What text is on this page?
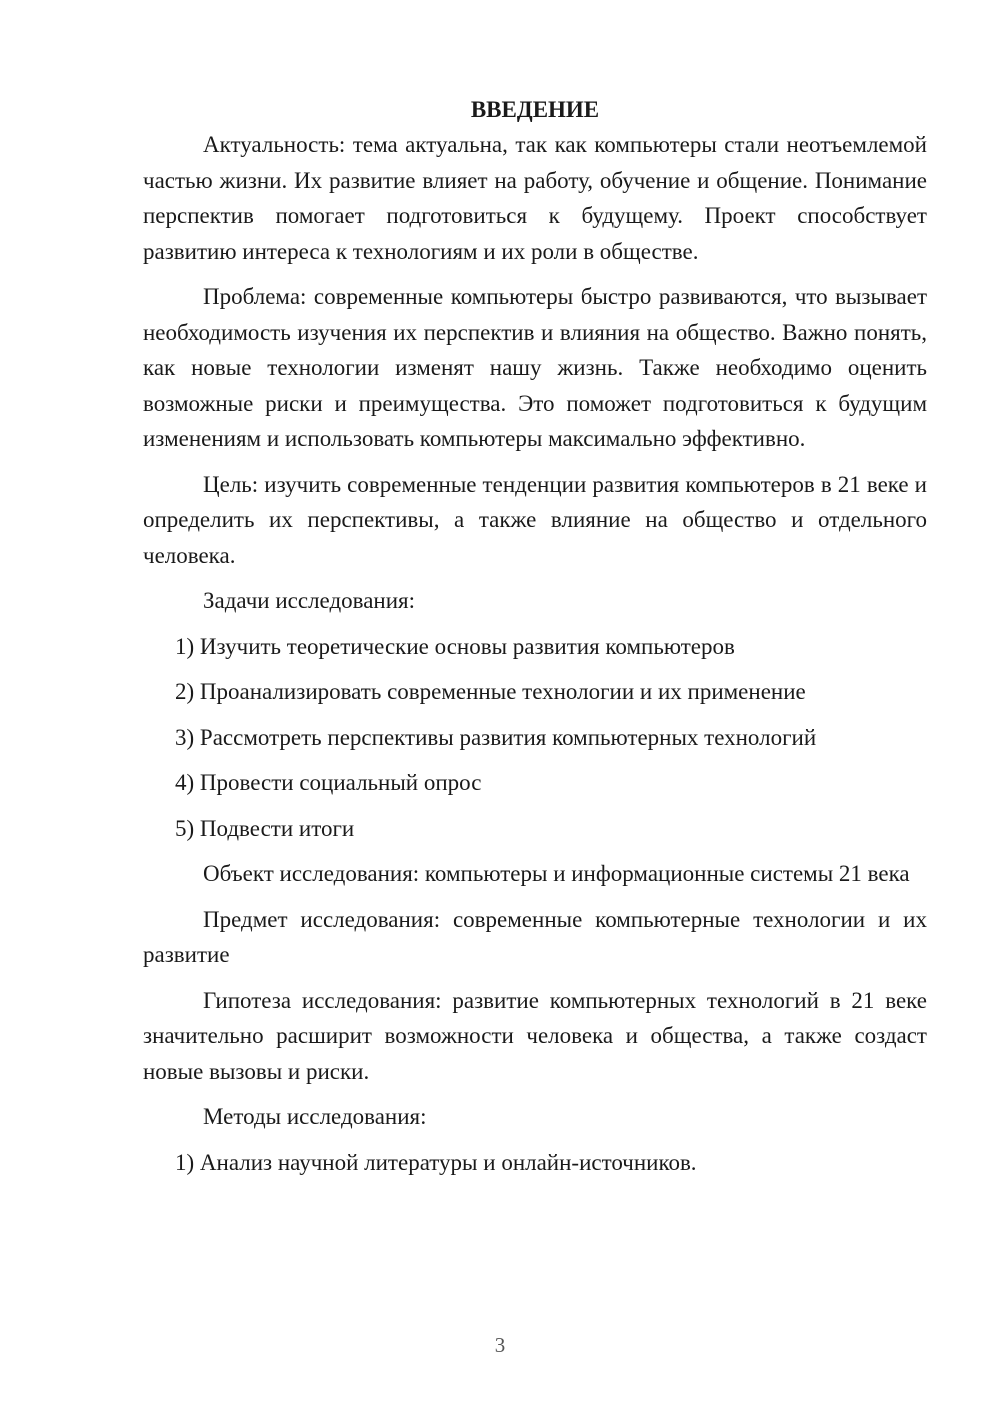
ВВЕДЕНИЕ

Актуальность: тема актуальна, так как компьютеры стали неотъемлемой частью жизни. Их развитие влияет на работу, обучение и общение. Понимание перспектив помогает подготовиться к будущему. Проект способствует развитию интереса к технологиям и их роли в обществе.

Проблема: современные компьютеры быстро развиваются, что вызывает необходимость изучения их перспектив и влияния на общество. Важно понять, как новые технологии изменят нашу жизнь. Также необходимо оценить возможные риски и преимущества. Это поможет подготовиться к будущим изменениям и использовать компьютеры максимально эффективно.

Цель: изучить современные тенденции развития компьютеров в 21 веке и определить их перспективы, а также влияние на общество и отдельного человека.

Задачи исследования:

1) Изучить теоретические основы развития компьютеров

2) Проанализировать современные технологии и их применение

3) Рассмотреть перспективы развития компьютерных технологий

4) Провести социальный опрос

5) Подвести итоги

Объект исследования: компьютеры и информационные системы 21 века

Предмет исследования: современные компьютерные технологии и их развитие

Гипотеза исследования: развитие компьютерных технологий в 21 веке значительно расширит возможности человека и общества, а также создаст новые вызовы и риски.

Методы исследования:

1) Анализ научной литературы и онлайн-источников.

3
